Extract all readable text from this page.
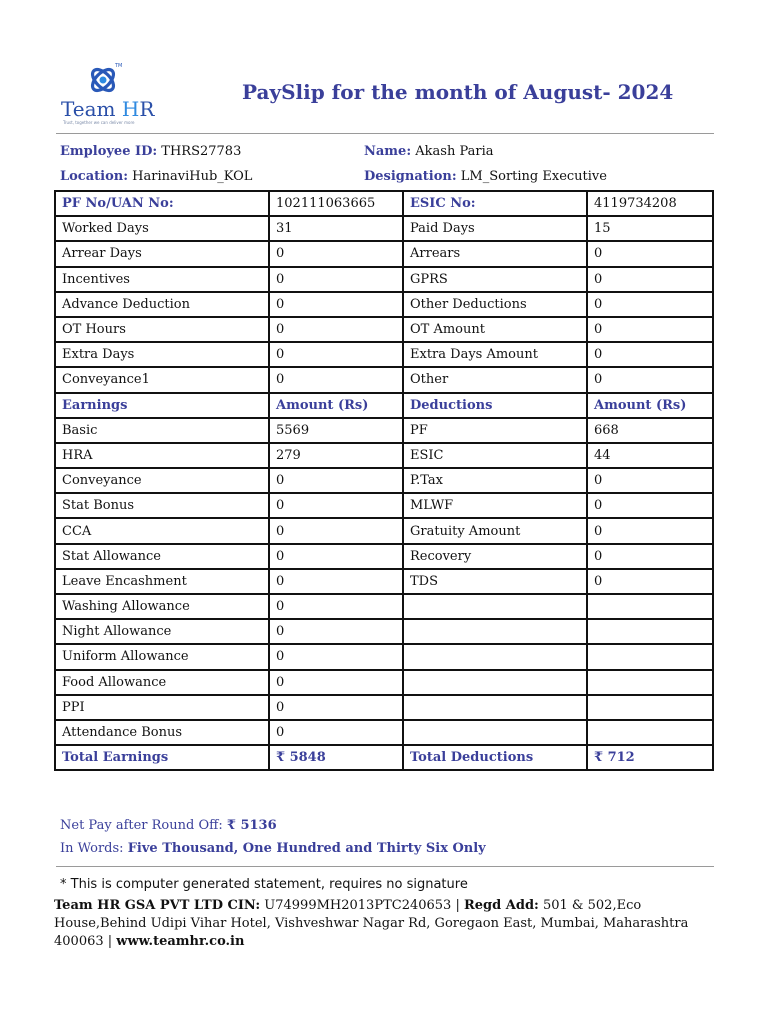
TM
Team HR
Trust, together we can deliver more
PaySlip for the month of August- 2024
Employee ID: THRS27783	Name: Akash Paria
Location: HarinaviHub_KOL	Designation: LM_Sorting Executive
PF No/UAN No:	102111063665	ESIC No:	4119734208
Worked Days	31	Paid Days	15
Arrear Days	0	Arrears	0
Incentives	0	GPRS	0
Advance Deduction	0	Other Deductions	0
OT Hours	0	OT Amount	0
Extra Days	0	Extra Days Amount	0
Conveyance1	0	Other	0
Earnings	Amount (Rs)	Deductions	Amount (Rs)
Basic	5569	PF	668
HRA	279	ESIC	44
Conveyance	0	P.Tax	0
Stat Bonus	0	MLWF	0
CCA	0	Gratuity Amount	0
Stat Allowance	0	Recovery	0
Leave Encashment	0	TDS	0
Washing Allowance	0		
Night Allowance	0		
Uniform Allowance	0		
Food Allowance	0		
PPI	0		
Attendance Bonus	0		
Total Earnings	₹ 5848	Total Deductions	₹ 712
Net Pay after Round Off: ₹ 5136
In Words: Five Thousand, One Hundred and Thirty Six Only
* This is computer generated statement, requires no signature
Team HR GSA PVT LTD CIN: U74999MH2013PTC240653 | Regd Add: 501 & 502,Eco House,Behind Udipi Vihar Hotel, Vishveshwar Nagar Rd, Goregaon East, Mumbai, Maharashtra 400063 | www.teamhr.co.in
